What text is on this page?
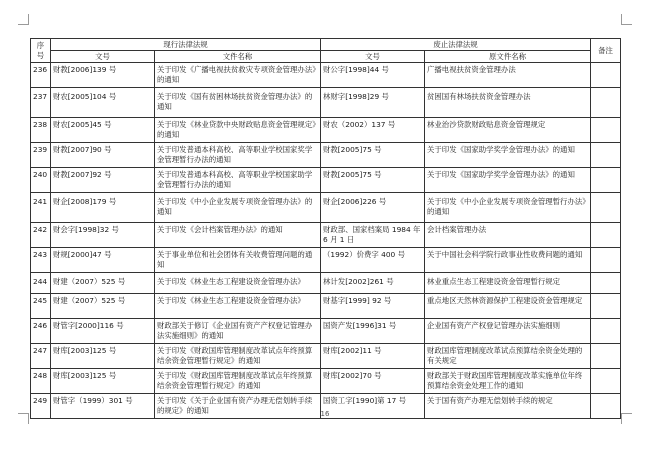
序
号	现行法律法规		废止法律法规		备注
	文号	文件名称	文号	原文件名称	
236	财教[2006]139 号	关于印发《广播电视扶贫救灾专项资金管理办法》的通知	财公字[1998]44 号	广播电视扶贫资金管理办法	
237	财农[2005]104 号	关于印发《国有贫困林场扶贫资金管理办法》的通知	林财字[1998]29 号	贫困国有林场扶贫资金管理办法	
238	财农[2005]45 号	关于印发《林业贷款中央财政贴息资金管理规定》的通知	财农（2002）137 号	林业治沙贷款财政贴息资金管理规定	
239	财教[2007]90 号	关于印发普通本科高校、高等职业学校国家奖学金管理暂行办法的通知	财教[2005]75 号	关于印发《国家助学奖学金管理办法》的通知	
240	财教[2007]92 号	关于印发普通本科高校、高等职业学校国家助学金管理暂行办法的通知	财教[2005]75 号	关于印发《国家助学奖学金管理办法》的通知	
241	财企[2008]179 号	关于印发《中小企业发展专项资金管理办法》的通知	财企[2006]226 号	关于印发《中小企业发展专项资金管理暂行办法》的通知	
242	财会字[1998]32 号	关于印发《会计档案管理办法》的通知	财政部、国家档案局 1984 年 6 月 1 日	会计档案管理办法	
243	财规[2000]47 号	关于事业单位和社会团体有关收费管理问题的通知	（1992）价费字 400 号	关于中国社会科学院行政事业性收费问题的通知	
244	财建（2007）525 号	关于印发《林业生态工程建设资金管理办法》	林计发[2002]261 号	林业重点生态工程建设资金管理暂行规定	
245	财建（2007）525 号	关于印发《林业生态工程建设资金管理办法》	财基字[1999] 92 号	重点地区天然林资源保护工程建设资金管理规定	
246	财管字[2000]116 号	财政部关于修订《企业国有资产产权登记管理办法实施细则》的通知	国资产发[1996]31 号	企业国有资产产权登记管理办法实施细则	
247	财库[2003]125 号	关于印发《财政国库管理制度改革试点年终预算结余资金管理暂行规定》的通知	财库[2002]11 号	财政国库管理制度改革试点预算结余资金处理的有关规定	
248	财库[2003]125 号	关于印发《财政国库管理制度改革试点年终预算结余资金管理暂行规定》的通知	财库[2002]70 号	财政部关于财政国库管理制度改革实施单位年终预算结余资金处理工作的通知	
249	财管字（1999）301 号	关于印发《关于企业国有资产办理无偿划转手续的规定》的通知	国资工字[1990]第 17 号	关于国有资产办理无偿划转手续的规定	
16
